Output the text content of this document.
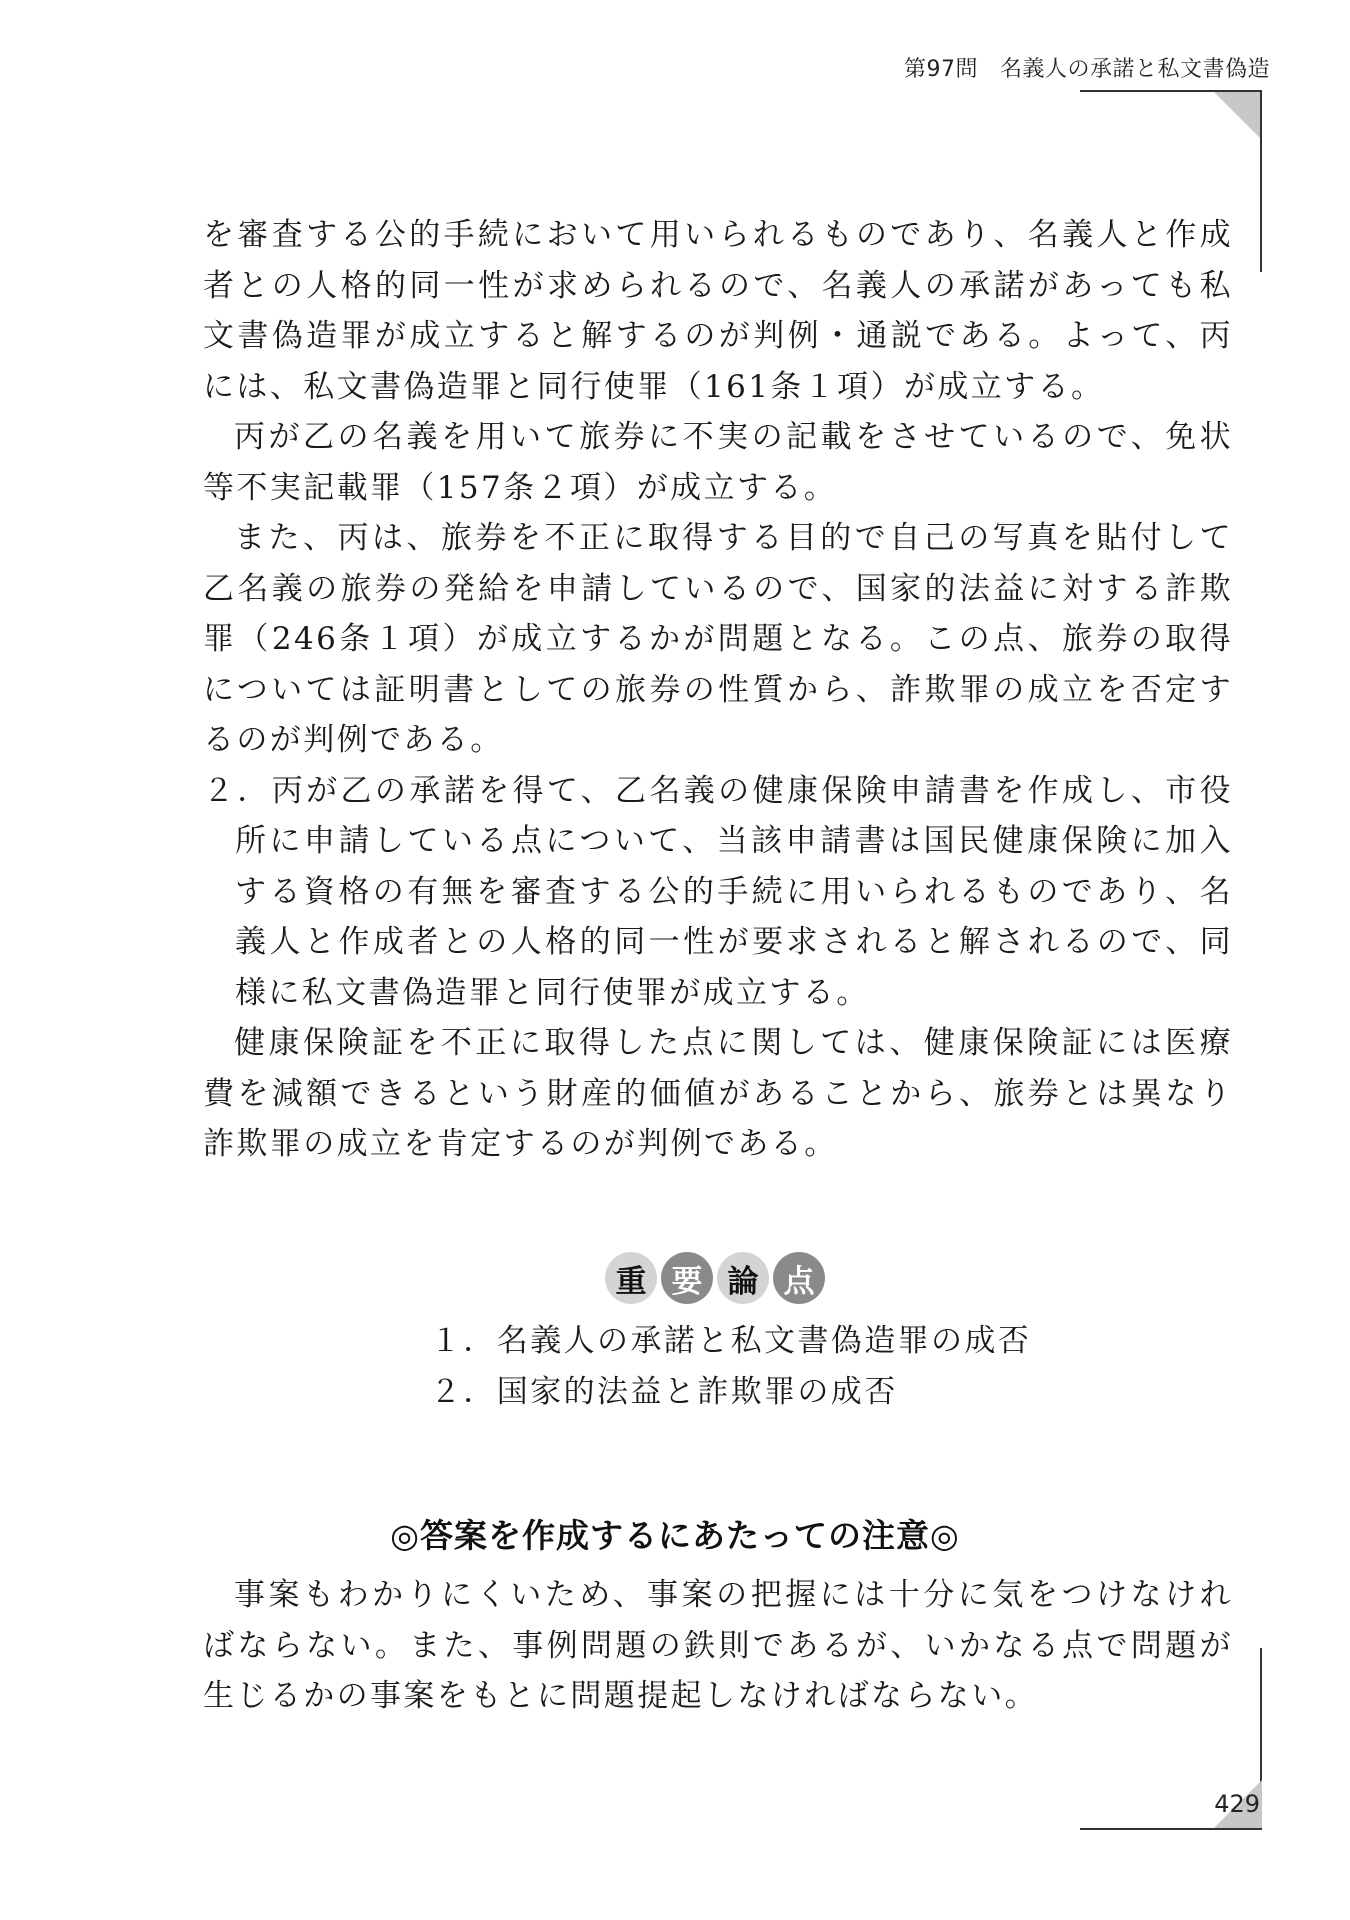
第97問 名義人の承諾と私文書偽造

を審査する公的手続において用いられるものであり、名義人と作成者との人格的同一性が求められるので、名義人の承諾があっても私文書偽造罪が成立すると解するのが判例・通説である。よって、丙には、私文書偽造罪と同行使罪（161条１項）が成立する。

丙が乙の名義を用いて旅券に不実の記載をさせているので、免状等不実記載罪（157条２項）が成立する。

また、丙は、旅券を不正に取得する目的で自己の写真を貼付して乙名義の旅券の発給を申請しているので、国家的法益に対する詐欺罪（246条１項）が成立するかが問題となる。この点、旅券の取得については証明書としての旅券の性質から、詐欺罪の成立を否定するのが判例である。

２．丙が乙の承諾を得て、乙名義の健康保険申請書を作成し、市役所に申請している点について、当該申請書は国民健康保険に加入する資格の有無を審査する公的手続に用いられるものであり、名義人と作成者との人格的同一性が要求されると解されるので、同様に私文書偽造罪と同行使罪が成立する。

健康保険証を不正に取得した点に関しては、健康保険証には医療費を減額できるという財産的価値があることから、旅券とは異なり詐欺罪の成立を肯定するのが判例である。

重 要 論 点
１．名義人の承諾と私文書偽造罪の成否
２．国家的法益と詐欺罪の成否
◎答案を作成するにあたっての注意◎

事案もわかりにくいため、事案の把握には十分に気をつけなければならない。また、事例問題の鉄則であるが、いかなる点で問題が生じるかの事案をもとに問題提起しなければならない。

429
